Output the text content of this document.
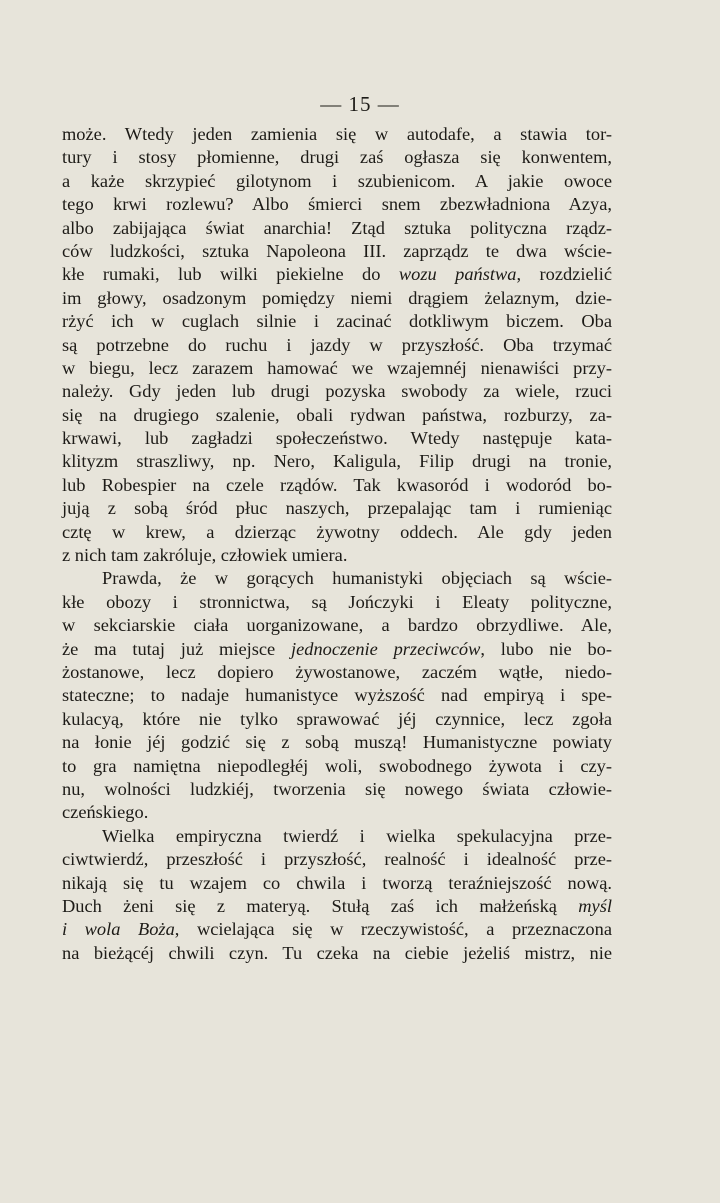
— 15 —
może. Wtedy jeden zamienia się w autodafe, a stawia tor-
tury i stosy płomienne, drugi zaś ogłasza się konwentem,
a każe skrzypieć gilotynom i szubienicom. A jakie owoce
tego krwi rozlewu? Albo śmierci snem zbezwładniona Azya,
albo zabijająca świat anarchia! Ztąd sztuka polityczna rządz-
ców ludzkości, sztuka Napoleona III. zaprządz te dwa wście-
kłe rumaki, lub wilki piekielne do wozu państwa, rozdzielić
im głowy, osadzonym pomiędzy niemi drągiem żelaznym, dzie-
rżyć ich w cuglach silnie i zacinać dotkliwym biczem. Oba
są potrzebne do ruchu i jazdy w przyszłość. Oba trzymać
w biegu, lecz zarazem hamować we wzajemnéj nienawiści przy-
należy. Gdy jeden lub drugi pozyska swobody za wiele, rzuci
się na drugiego szalenie, obali rydwan państwa, rozburzy, za-
krwawi, lub zagładzi społeczeństwo. Wtedy następuje kata-
klityzm straszliwy, np. Nero, Kaligula, Filip drugi na tronie,
lub Robespier na czele rządów. Tak kwasoród i wodoród bo-
jują z sobą śród płuc naszych, przepalając tam i rumieniąc
cztę w krew, a dzierząc żywotny oddech. Ale gdy jeden
z nich tam zakróluje, człowiek umiera.
Prawda, że w gorących humanistyki objęciach są wście-
kłe obozy i stronnictwa, są Jończyki i Eleaty polityczne,
w sekciarskie ciała uorganizowane, a bardzo obrzydliwe. Ale,
że ma tutaj już miejsce jednoczenie przeciwców, lubo nie bo-
żostanowe, lecz dopiero żywostanowe, zaczém wątłe, niedo-
stateczne; to nadaje humanistyce wyższość nad empiryą i spe-
kulacyą, które nie tylko sprawować jéj czynnice, lecz zgoła
na łonie jéj godzić się z sobą muszą! Humanistyczne powiaty
to gra namiętna niepodległéj woli, swobodnego żywota i czy-
nu, wolności ludzkiéj, tworzenia się nowego świata człowie-
czeńskiego.
Wielka empiryczna twierdź i wielka spekulacyjna prze-
ciwtwierdź, przeszłość i przyszłość, realność i idealność prze-
nikają się tu wzajem co chwila i tworzą teraźniejszość nową.
Duch żeni się z materyą. Stułą zaś ich małżeńską myśl
i wola Boża, wcielająca się w rzeczywistość, a przeznaczona
na bieżącéj chwili czyn. Tu czeka na ciebie jeżeliś mistrz, nie
